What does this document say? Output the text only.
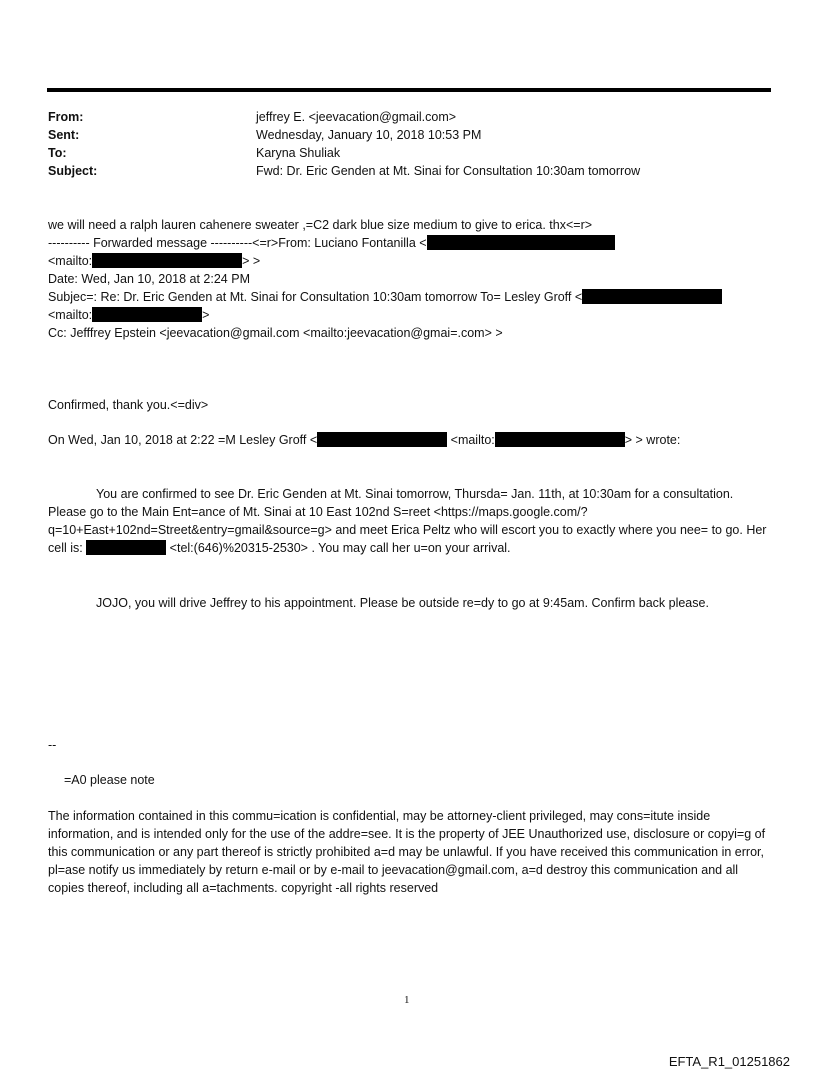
From:	jeffrey E. <jeevacation@gmail.com>
Sent:	Wednesday, January 10, 2018 10:53 PM
To:	Karyna Shuliak
Subject:	Fwd: Dr. Eric Genden at Mt. Sinai for Consultation 10:30am tomorrow
we will need a ralph lauren cahenere sweater ,=C2 dark blue size medium to give to erica. thx<=r>
---------- Forwarded message ----------<=r>From: Luciano Fontanilla <
<mailto:	> >
Date: Wed, Jan 10, 2018 at 2:24 PM
Subjec=: Re: Dr. Eric Genden at Mt. Sinai for Consultation 10:30am tomorrow To= Lesley Groff <
<mailto:	>
Cc: Jefffrey Epstein <jeevacation@gmail.com <mailto:jeevacation@gmai=.com> >
Confirmed, thank you.<=div>
On Wed, Jan 10, 2018 at 2:22 =M Lesley Groff <	<mailto:	> > wrote:
You are confirmed to see Dr. Eric Genden at Mt. Sinai tomorrow, Thursda= Jan. 11th, at 10:30am for a consultation. Please go to the Main Ent=ance of Mt. Sinai at 10 East 102nd S=reet <https://maps.google.com/?q=10+East+102nd=Street&entry=gmail&source=g> and meet Erica Peltz who will escort you to exactly where you nee= to go. Her cell is:	<tel:(646)%20315-2530> . You may call her u=on your arrival.
JOJO, you will drive Jeffrey to his appointment. Please be outside re=dy to go at 9:45am. Confirm back please.
--
=A0 please note
The information contained in this commu=ication is confidential, may be attorney-client privileged, may cons=itute inside information, and is intended only for the use of the addre=see. It is the property of JEE Unauthorized use, disclosure or copyi=g of this communication or any part thereof is strictly prohibited a=d may be unlawful. If you have received this communication in error, pl=ase notify us immediately by return e-mail or by e-mail to jeevacation@gmail.com, a=d destroy this communication and all copies thereof, including all a=tachments. copyright -all rights reserved
1
EFTA_R1_01251862
